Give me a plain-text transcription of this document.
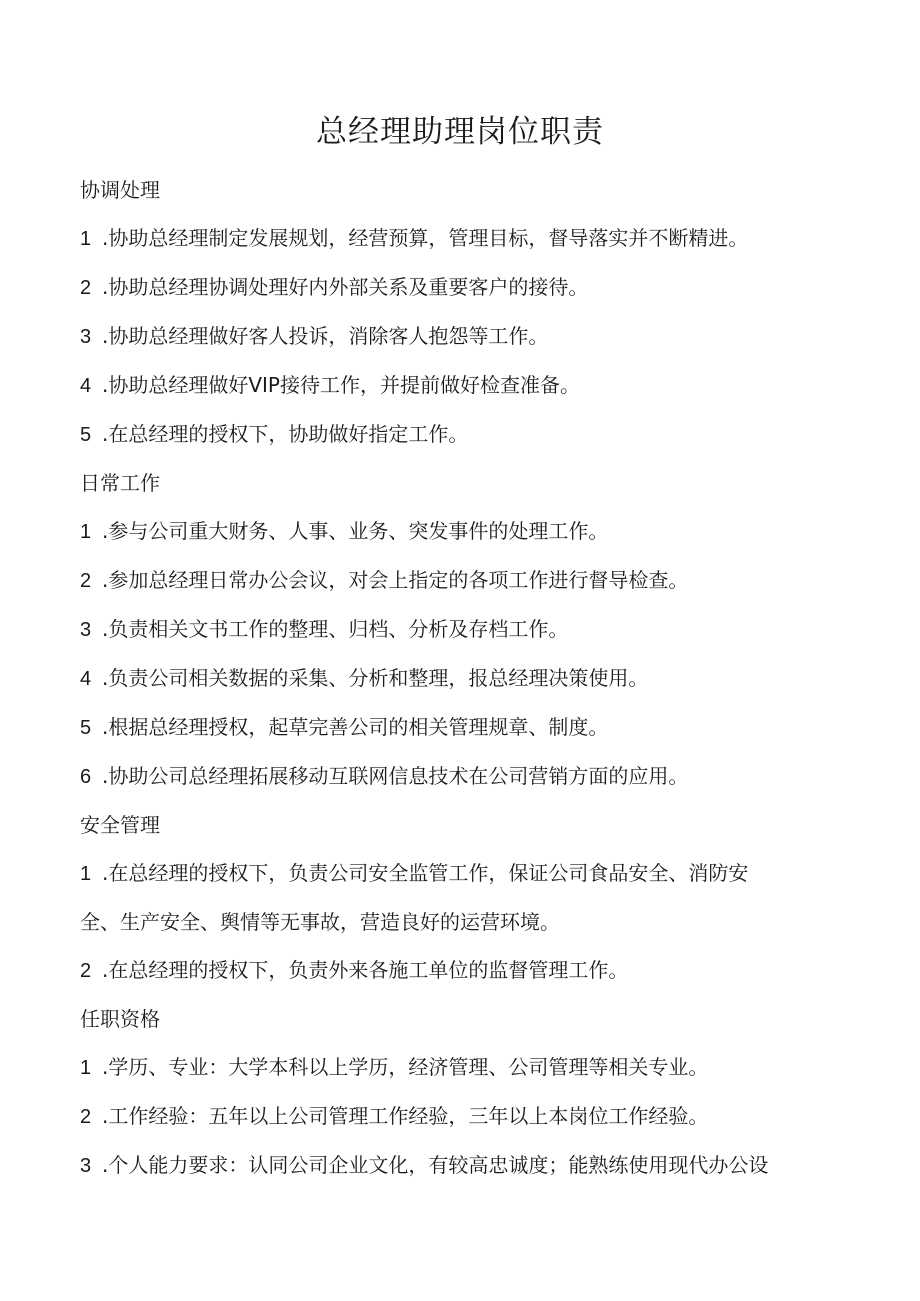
总经理助理岗位职责
协调处理
1 .协助总经理制定发展规划，经营预算，管理目标，督导落实并不断精进。
2 .协助总经理协调处理好内外部关系及重要客户的接待。
3 .协助总经理做好客人投诉，消除客人抱怨等工作。
4 .协助总经理做好VIP接待工作，并提前做好检查准备。
5 .在总经理的授权下，协助做好指定工作。
日常工作
1 .参与公司重大财务、人事、业务、突发事件的处理工作。
2 .参加总经理日常办公会议，对会上指定的各项工作进行督导检查。
3 .负责相关文书工作的整理、归档、分析及存档工作。
4 .负责公司相关数据的采集、分析和整理，报总经理决策使用。
5 .根据总经理授权，起草完善公司的相关管理规章、制度。
6 .协助公司总经理拓展移动互联网信息技术在公司营销方面的应用。
安全管理
1 .在总经理的授权下，负责公司安全监管工作，保证公司食品安全、消防安
全、生产安全、舆情等无事故，营造良好的运营环境。
2 .在总经理的授权下，负责外来各施工单位的监督管理工作。
任职资格
1 .学历、专业：大学本科以上学历，经济管理、公司管理等相关专业。
2 .工作经验：五年以上公司管理工作经验，三年以上本岗位工作经验。
3 .个人能力要求：认同公司企业文化，有较高忠诚度；能熟练使用现代办公设
